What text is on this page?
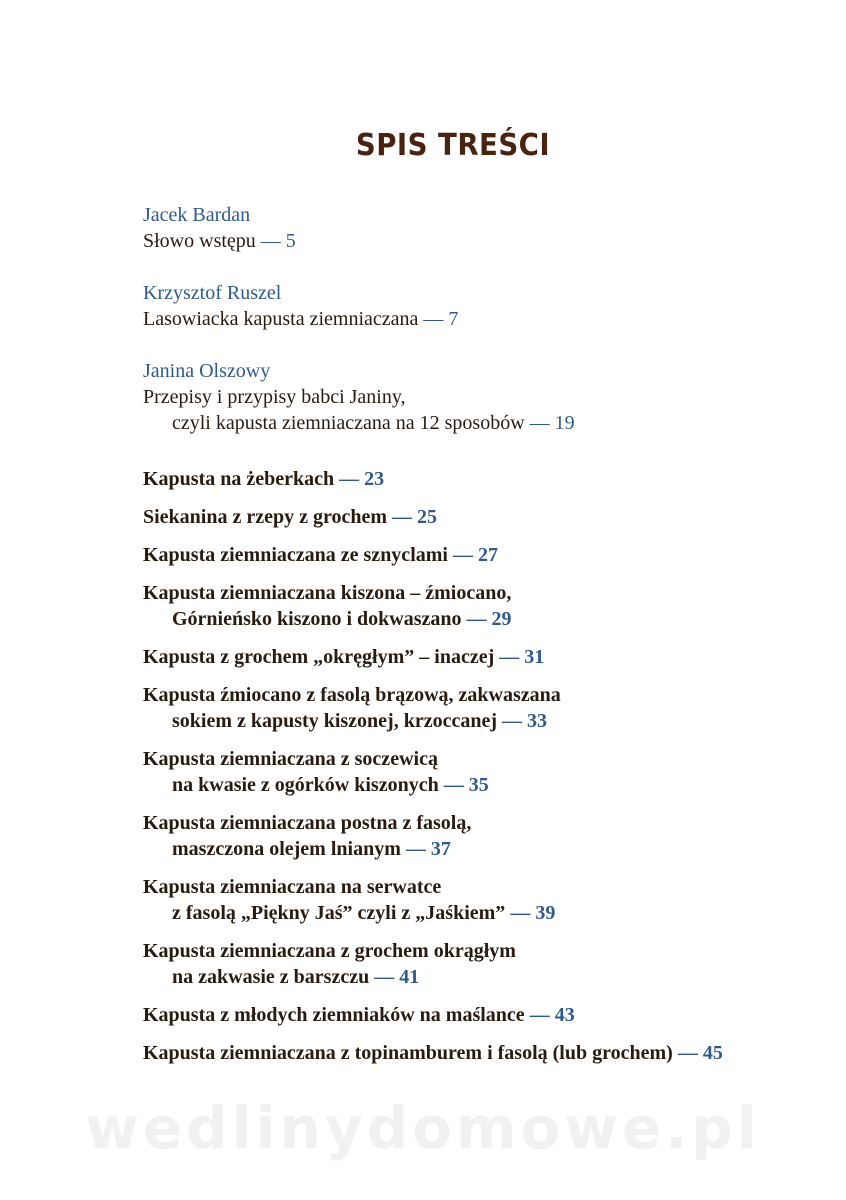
SPIS TREŚCI
Jacek Bardan
Słowo wstępu — 5
Krzysztof Ruszel
Lasowiacka kapusta ziemniaczana — 7
Janina Olszowy
Przepisy i przypisy babci Janiny,
czyli kapusta ziemniaczana na 12 sposobów — 19
Kapusta na żeberkach — 23
Siekanina z rzepy z grochem — 25
Kapusta ziemniaczana ze sznyclami — 27
Kapusta ziemniaczana kiszona – źmiocano,
Górnieńsko kiszono i dokwaszano — 29
Kapusta z grochem „okręgłym” – inaczej — 31
Kapusta źmiocano z fasolą brązową, zakwaszana
sokiem z kapusty kiszonej, krzoccanej — 33
Kapusta ziemniaczana z soczewicą
na kwasie z ogórków kiszonych — 35
Kapusta ziemniaczana postna z fasolą,
maszczona olejem lnianym — 37
Kapusta ziemniaczana na serwatce
z fasolą „Piękny Jaś” czyli z „Jaśkiem” — 39
Kapusta ziemniaczana z grochem okrągłym
na zakwasie z barszczu — 41
Kapusta z młodych ziemniaków na maślance — 43
Kapusta ziemniaczana z topinamburem i fasolą (lub grochem) — 45
wedlinydomowe.pl
